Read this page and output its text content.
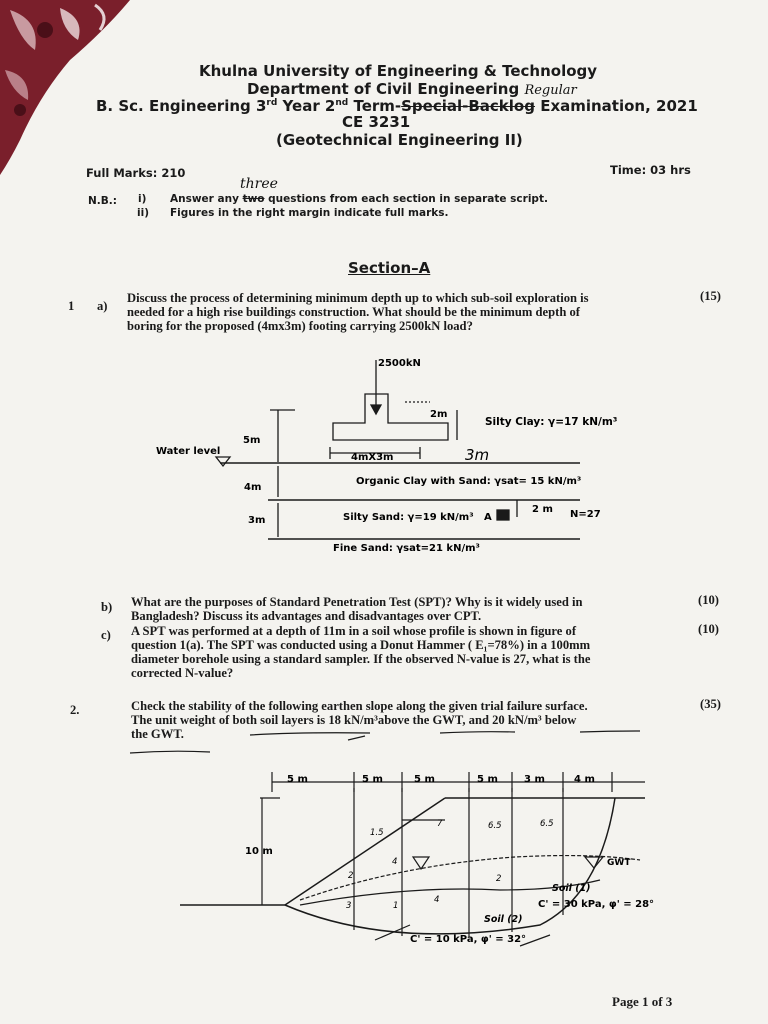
Khulna University of Engineering & Technology
Department of Civil Engineering Regular
B. Sc. Engineering 3rd Year 2nd Term-Special-Backlog Examination, 2021
CE 3231
(Geotechnical Engineering II)
Full Marks: 210	Time: 03 hrs
three
N.B.: i) Answer any two questions from each section in separate script.
ii) Figures in the right margin indicate full marks.
Section–A
1 a)
Discuss the process of determining minimum depth up to which sub-soil exploration is
needed for a high rise buildings construction. What should be the minimum depth of
boring for the proposed (4mx3m) footing carrying 2500kN load?
(15)
2500kN
2m
5m
4mX3m
Water level
Silty Clay: γ=17 kN/m³
3m
4m
Organic Clay with Sand: γsat= 15 kN/m³
2 m
3m	Silty Sand: γ=19 kN/m³ A	N=27
Fine Sand: γsat=21 kN/m³
b) What are the purposes of Standard Penetration Test (SPT)? Why is it widely used in
Bangladesh? Discuss its advantages and disadvantages over CPT.
(10)
c) A SPT was performed at a depth of 11m in a soil whose profile is shown in figure of
question 1(a). The SPT was conducted using a Donut Hammer ( E₁=78%) in a 100mm
diameter borehole using a standard sampler. If the observed N-value is 27, what is the
corrected N-value?
(10)
2.	Check the stability of the following earthen slope along the given trial failure surface.
The unit weight of both soil layers is 18 kN/m³above the GWT, and 20 kN/m³ below
the GWT.
(35)
5 m	5 m	5 m	5 m	3 m	4 m
10 m
1.5
7	6.5	6.5
4
2	2
4
3	1
GWT
Soil (1)
C' = 30 kPa, φ' = 28°
Soil (2)
C' = 10 kPa, φ' = 32°
Page 1 of 3
